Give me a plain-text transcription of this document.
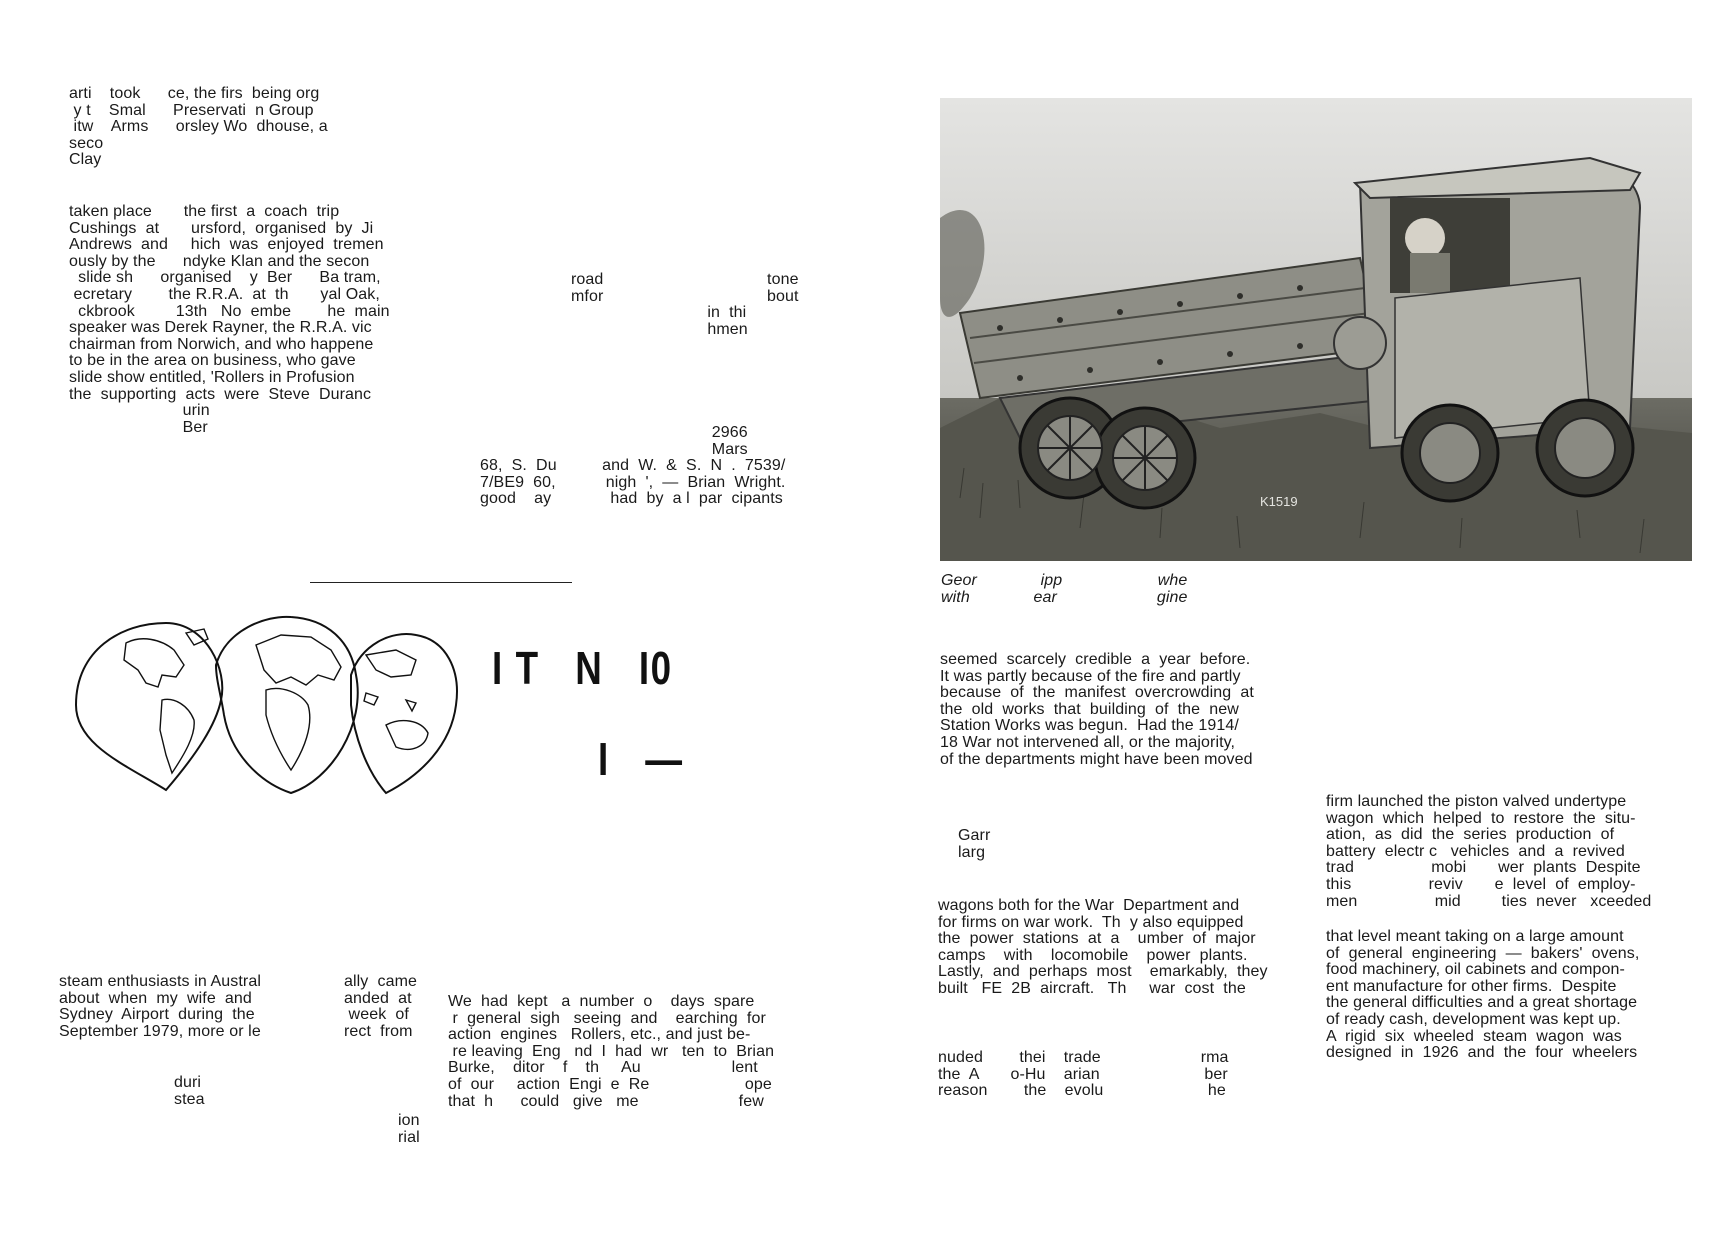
arti    took      ce, the firs  being org
y t    Smal      Preservati  n Group
itw    Arms      orsley Wo  dhouse, a
seco
Clay

taken place       the first  a  coach  trip
Cushings  at       ursford,  organised  by  Ji
Andrews  and     hich  was  enjoyed  tremen
ously by the      ndyke Klan and the secon
slide sh      organised    y  Ber      Ba tram,
ecretary        the R.R.A.  at  th       yal Oak,
ckbrook         13th   No  embe        he  main
speaker was Derek Rayner, the R.R.A. vic
chairman from Norwich, and who happene
to be in the area on business, who gave
slide show entitled, 'Rollers in Profusion
the  supporting  acts  were  Steve  Duranc
urin
Ber

road                                    tone
mfor                                    bout
in  thi
hmen

2966
Mars
68,  S.  Du          and  W.  &  S.  N  .  7539/
7/BE9  60,           nigh  ',  —  Brian  Wright.
good    ay             had  by  a l  par  cipants

I T   N   I0
I   —

steam enthusiasts in Austral
about  when  my  wife  and
Sydney  Airport  during  the
September 1979, more or le

ally  came
anded  at
week  of
rect  from

duri
stea

ion
rial

We  had  kept   a  number  o    days  spare
r  general  sigh   seeing  and    earching  for
action  engines   Rollers, etc., and just be-
re leaving  Eng   nd  I  had  wr   ten  to  Brian
Burke,    ditor    f    th     Au                    lent
of  our     action  Engi  e  Re                     ope
that  h      could   give   me                      few

K1519

Geor              ipp                     whe
with              ear                      gine

seemed  scarcely  credible  a  year  before.
It was partly because of the fire and partly
because  of  the  manifest  overcrowding  at
the  old  works  that  building  of  the  new
Station Works was begun.  Had the 1914/
18 War not intervened all, or the majority,
of the departments might have been moved

Garr
larg

wagons both for the War  Department and
for firms on war work.  Th  y also equipped
the  power  stations  at  a    umber  of  major
camps    with    locomobile    power  plants.
Lastly,  and  perhaps  most    emarkably,  they
built   FE  2B  aircraft.   Th     war  cost  the

nuded        thei    trade                      rma
the  A       o-Hu    arian                       ber
reason        the    evolu                       he

firm launched the piston valved undertype
wagon  which  helped  to  restore  the  situ-
ation,  as  did  the  series  production  of
battery  electr c   vehicles  and  a  revived
trad                 mobi       wer  plants  Despite
this                 reviv       e  level  of  employ-
men                 mid         ties  never   xceeded

that level meant taking on a large amount
of  general  engineering  —  bakers'  ovens,
food machinery, oil cabinets and compon-
ent manufacture for other firms.  Despite
the general difficulties and a great shortage
of ready cash, development was kept up.
A  rigid  six  wheeled  steam  wagon  was
designed  in  1926  and  the  four  wheelers
